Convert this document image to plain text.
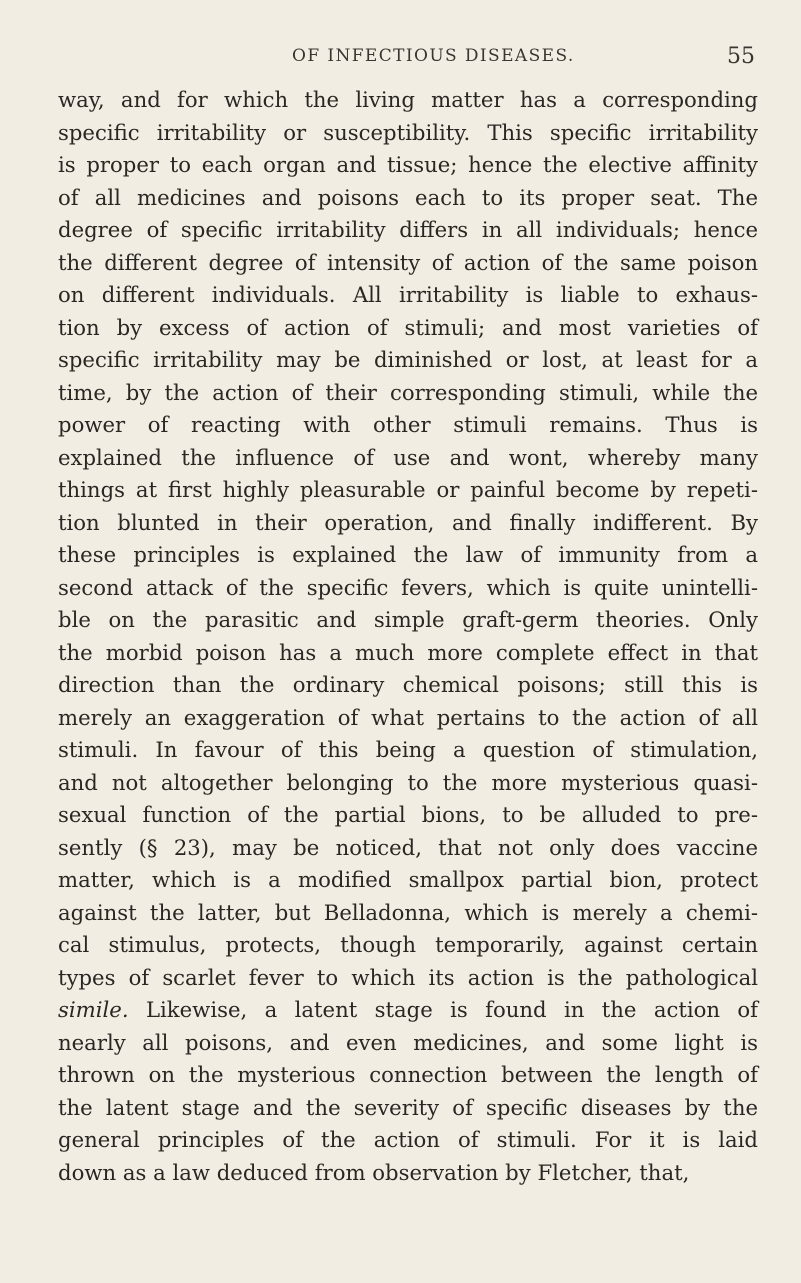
OF INFECTIOUS DISEASES.	55
way, and for which the living matter has a corresponding
specific irritability or susceptibility. This specific irritability
is proper to each organ and tissue; hence the elective affinity
of all medicines and poisons each to its proper seat. The
degree of specific irritability differs in all individuals; hence
the different degree of intensity of action of the same poison
on different individuals. All irritability is liable to exhaus-
tion by excess of action of stimuli; and most varieties of
specific irritability may be diminished or lost, at least for a
time, by the action of their corresponding stimuli, while the
power of reacting with other stimuli remains. Thus is
explained the influence of use and wont, whereby many
things at first highly pleasurable or painful become by repeti-
tion blunted in their operation, and finally indifferent. By
these principles is explained the law of immunity from a
second attack of the specific fevers, which is quite unintelli-
ble on the parasitic and simple graft-germ theories. Only
the morbid poison has a much more complete effect in that
direction than the ordinary chemical poisons; still this is
merely an exaggeration of what pertains to the action of all
stimuli. In favour of this being a question of stimulation,
and not altogether belonging to the more mysterious quasi-
sexual function of the partial bions, to be alluded to pre-
sently (§ 23), may be noticed, that not only does vaccine
matter, which is a modified smallpox partial bion, protect
against the latter, but Belladonna, which is merely a chemi-
cal stimulus, protects, though temporarily, against certain
types of scarlet fever to which its action is the pathological
simile. Likewise, a latent stage is found in the action of
nearly all poisons, and even medicines, and some light is
thrown on the mysterious connection between the length of
the latent stage and the severity of specific diseases by the
general principles of the action of stimuli. For it is laid
down as a law deduced from observation by Fletcher, that,
